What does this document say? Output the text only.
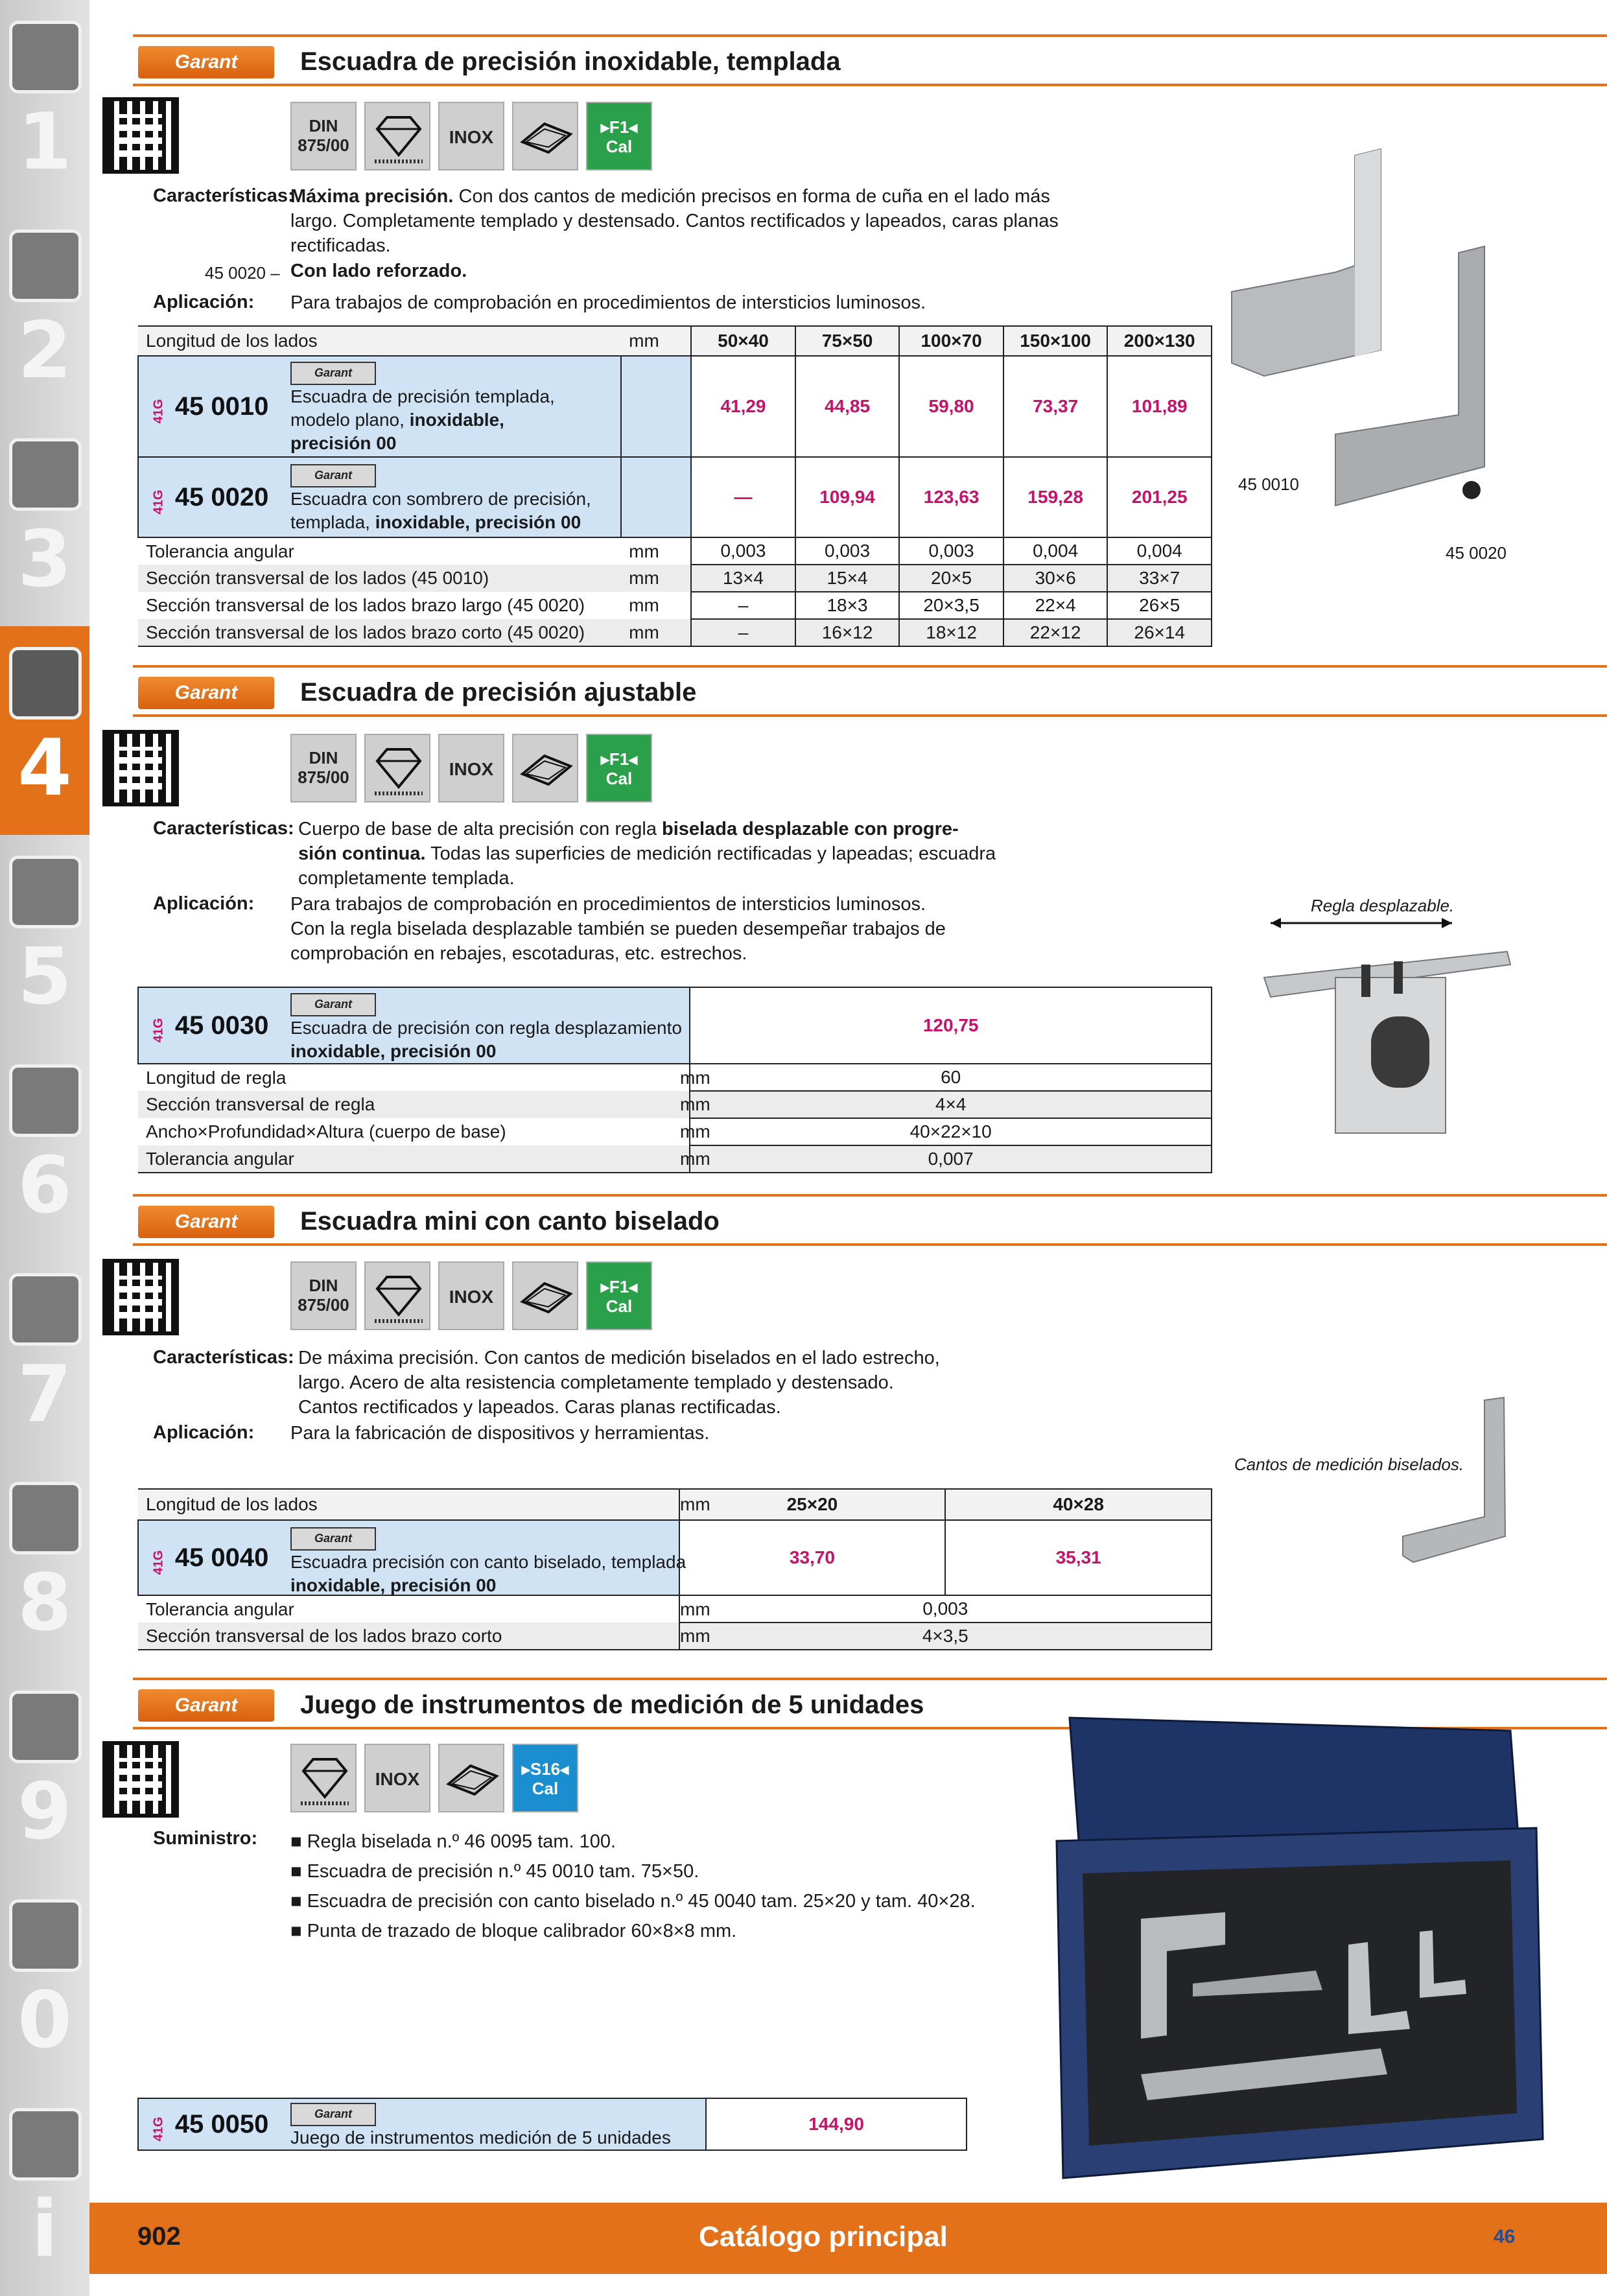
1
2
3
4
5
6
7
8
9
0
i
Garant	Escuadra de precisión inoxidable, templada
DIN
875/00	INOX	▸F1◂
Cal
Características:
Máxima precisión. Con dos cantos de medición precisos en forma de cuña en el lado más
largo. Completamente templado y destensado. Cantos rectificados y lapeados, caras planas
rectificadas.
45 0020 – Con lado reforzado.
Aplicación: Para trabajos de comprobación en procedimientos de intersticios luminosos.
Longitud de los lados	mm	50×40	75×50	100×70	150×100	200×130
41G 45 0010		41,29	44,85	59,80	73,37	101,89
41G 45 0020		—	109,94	123,63	159,28	201,25
Tolerancia angular	mm	0,003	0,003	0,003	0,004	0,004
Sección transversal de los lados (45 0010)	mm	13×4	15×4	20×5	30×6	33×7
Sección transversal de los lados brazo largo (45 0020)	mm	–	18×3	20×3,5	22×4	26×5
Sección transversal de los lados brazo corto (45 0020)	mm	–	16×12	18×12	22×12	26×14
Garant
Escuadra de precisión templada,
modelo plano, inoxidable,
precisión 00
Garant
Escuadra con sombrero de precisión,
templada, inoxidable, precisión 00
45 0010
45 0020
Garant	Escuadra de precisión ajustable
DIN
875/00	INOX	▸F1◂
Cal
Características: Cuerpo de base de alta precisión con regla biselada desplazable con progre-
sión continua. Todas las superficies de medición rectificadas y lapeadas; escuadra
completamente templada.
Aplicación: Para trabajos de comprobación en procedimientos de intersticios luminosos.
Con la regla biselada desplazable también se pueden desempeñar trabajos de
comprobación en rebajes, escotaduras, etc. estrechos.
Regla desplazable.
41G 45 0030	120,75
Longitud de regla mm	60
Sección transversal de regla mm	4×4
Ancho×Profundidad×Altura (cuerpo de base) mm	40×22×10
Tolerancia angular mm	0,007
Garant
Escuadra de precisión con regla desplazamiento
inoxidable, precisión 00
Garant	Escuadra mini con canto biselado
DIN
875/00	INOX	▸F1◂
Cal
Características: De máxima precisión. Con cantos de medición biselados en el lado estrecho,
largo. Acero de alta resistencia completamente templado y destensado.
Cantos rectificados y lapeados. Caras planas rectificadas.
Aplicación: Para la fabricación de dispositivos y herramientas.
Cantos de medición biselados.
Longitud de los lados mm	25×20	40×28
41G 45 0040	33,70	35,31
Tolerancia angular mm	0,003	
Sección transversal de los lados brazo corto mm	4×3,5	
Garant
Escuadra precisión con canto biselado, templada
inoxidable, precisión 00
Garant	Juego de instrumentos de medición de 5 unidades
INOX	▸S16◂
Cal
Suministro: ■ Regla biselada n.º 46 0095 tam. 100.
■ Escuadra de precisión n.º 45 0010 tam. 75×50.
■ Escuadra de precisión con canto biselado n.º 45 0040 tam. 25×20 y tam. 40×28.
■ Punta de trazado de bloque calibrador 60×8×8 mm.
41G 45 0050	144,90
Garant
Juego de instrumentos medición de 5 unidades
902	Catálogo principal	46
